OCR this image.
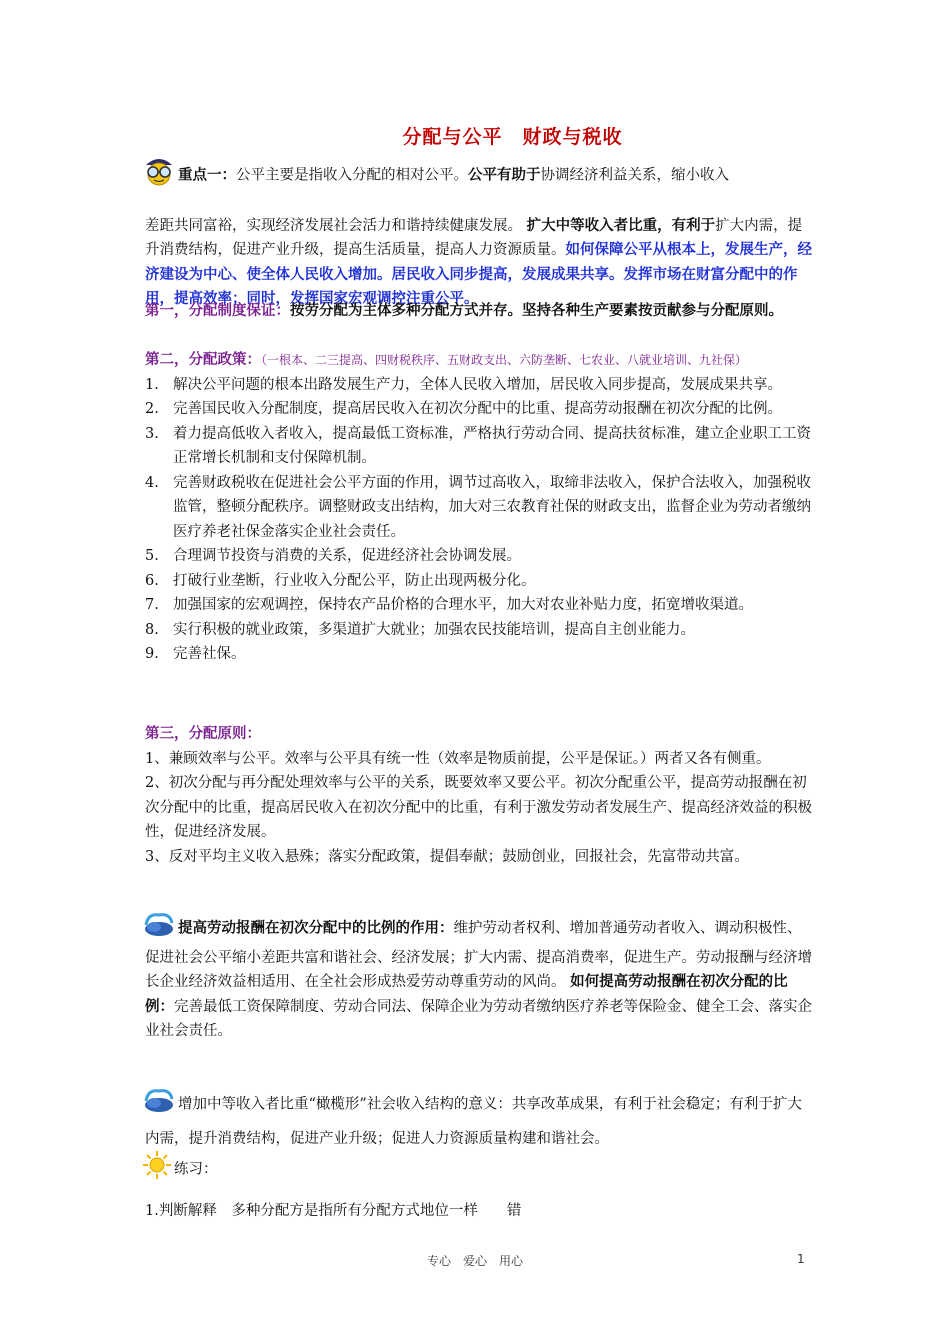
分配与公平　财政与税收
重点一：公平主要是指收入分配的相对公平。公平有助于协调经济利益关系，缩小收入
差距共同富裕，实现经济发展社会活力和谐持续健康发展。 扩大中等收入者比重，有利于扩大内需，提升消费结构，促进产业升级，提高生活质量，提高人力资源质量。如何保障公平从根本上，发展生产，经济建设为中心、使全体人民收入增加。居民收入同步提高，发展成果共享。发挥市场在财富分配中的作用，提高效率；同时，发挥国家宏观调控注重公平。
第一，分配制度保证：按劳分配为主体多种分配方式并存。坚持各种生产要素按贡献参与分配原则。
第二，分配政策：（一根本、二三提高、四财税秩序、五财政支出、六防垄断、七农业、八就业培训、九社保）
1. 解决公平问题的根本出路发展生产力，全体人民收入增加，居民收入同步提高，发展成果共享。
2. 完善国民收入分配制度，提高居民收入在初次分配中的比重、提高劳动报酬在初次分配的比例。
3. 着力提高低收入者收入，提高最低工资标准，严格执行劳动合同、提高扶贫标准，建立企业职工工资正常增长机制和支付保障机制。
4. 完善财政税收在促进社会公平方面的作用，调节过高收入，取缔非法收入，保护合法收入，加强税收监管，整顿分配秩序。调整财政支出结构，加大对三农教育社保的财政支出，监督企业为劳动者缴纳医疗养老社保金落实企业社会责任。
5. 合理调节投资与消费的关系，促进经济社会协调发展。
6. 打破行业垄断，行业收入分配公平，防止出现两极分化。
7. 加强国家的宏观调控，保持农产品价格的合理水平，加大对农业补贴力度，拓宽增收渠道。
8. 实行积极的就业政策，多渠道扩大就业；加强农民技能培训，提高自主创业能力。
9. 完善社保。
第三，分配原则：
1、兼顾效率与公平。效率与公平具有统一性（效率是物质前提，公平是保证。）两者又各有侧重。
2、初次分配与再分配处理效率与公平的关系，既要效率又要公平。初次分配重公平，提高劳动报酬在初次分配中的比重，提高居民收入在初次分配中的比重，有利于激发劳动者发展生产、提高经济效益的积极性，促进经济发展。
3、反对平均主义收入悬殊；落实分配政策，提倡奉献；鼓励创业，回报社会，先富带动共富。
提高劳动报酬在初次分配中的比例的作用：维护劳动者权利、增加普通劳动者收入、调动积极性、促进社会公平缩小差距共富和谐社会、经济发展；扩大内需、提高消费率，促进生产。劳动报酬与经济增长企业经济效益相适用、在全社会形成热爱劳动尊重劳动的风尚。 如何提高劳动报酬在初次分配的比例：完善最低工资保障制度、劳动合同法、保障企业为劳动者缴纳医疗养老等保险金、健全工会、落实企业社会责任。
增加中等收入者比重“橄榄形”社会收入结构的意义：共享改革成果，有利于社会稳定；有利于扩大内需，提升消费结构，促进产业升级；促进人力资源质量构建和谐社会。
练习：
1.判断解释　多种分配方是指所有分配方式地位一样　　错
专心　爱心　用心	1
